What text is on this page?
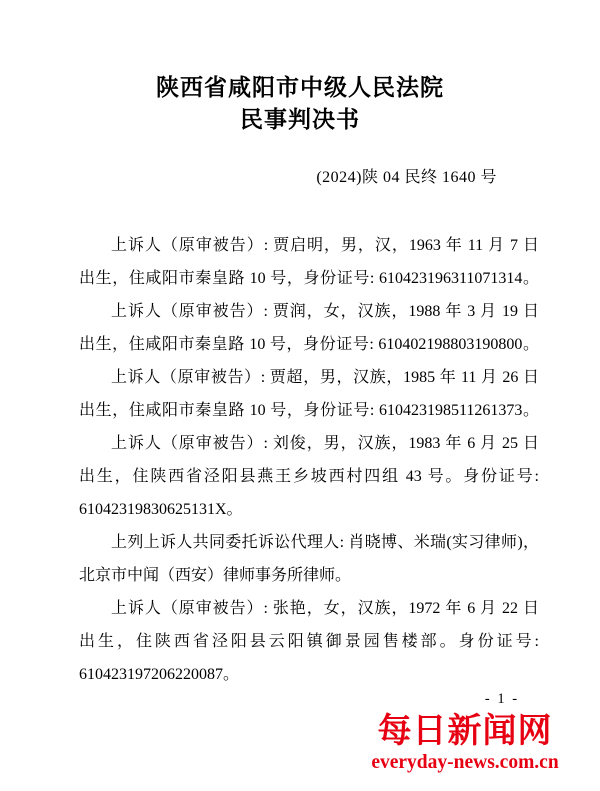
陕西省咸阳市中级人民法院
民事判决书
(2024)陕 04 民终 1640 号
上诉人（原审被告）: 贾启明，男，汉，1963 年 11 月 7 日
出生，住咸阳市秦皇路 10 号，身份证号: 610423196311071314。
上诉人（原审被告）: 贾润，女，汉族，1988 年 3 月 19 日
出生，住咸阳市秦皇路 10 号，身份证号: 610402198803190800。
上诉人（原审被告）: 贾超，男，汉族，1985 年 11 月 26 日
出生，住咸阳市秦皇路 10 号，身份证号: 610423198511261373。
上诉人（原审被告）: 刘俊，男，汉族，1983 年 6 月 25 日
出生，住陕西省泾阳县燕王乡坡西村四组 43 号。身份证号:
61042319830625131X。
上列上诉人共同委托诉讼代理人: 肖晓博、米瑞(实习律师)，
北京市中闻（西安）律师事务所律师。
上诉人（原审被告）: 张艳，女，汉族，1972 年 6 月 22 日
出生，住陕西省泾阳县云阳镇御景园售楼部。身份证号:
610423197206220087。
- 1 -
每日新闻网
everyday-news.com.cn
